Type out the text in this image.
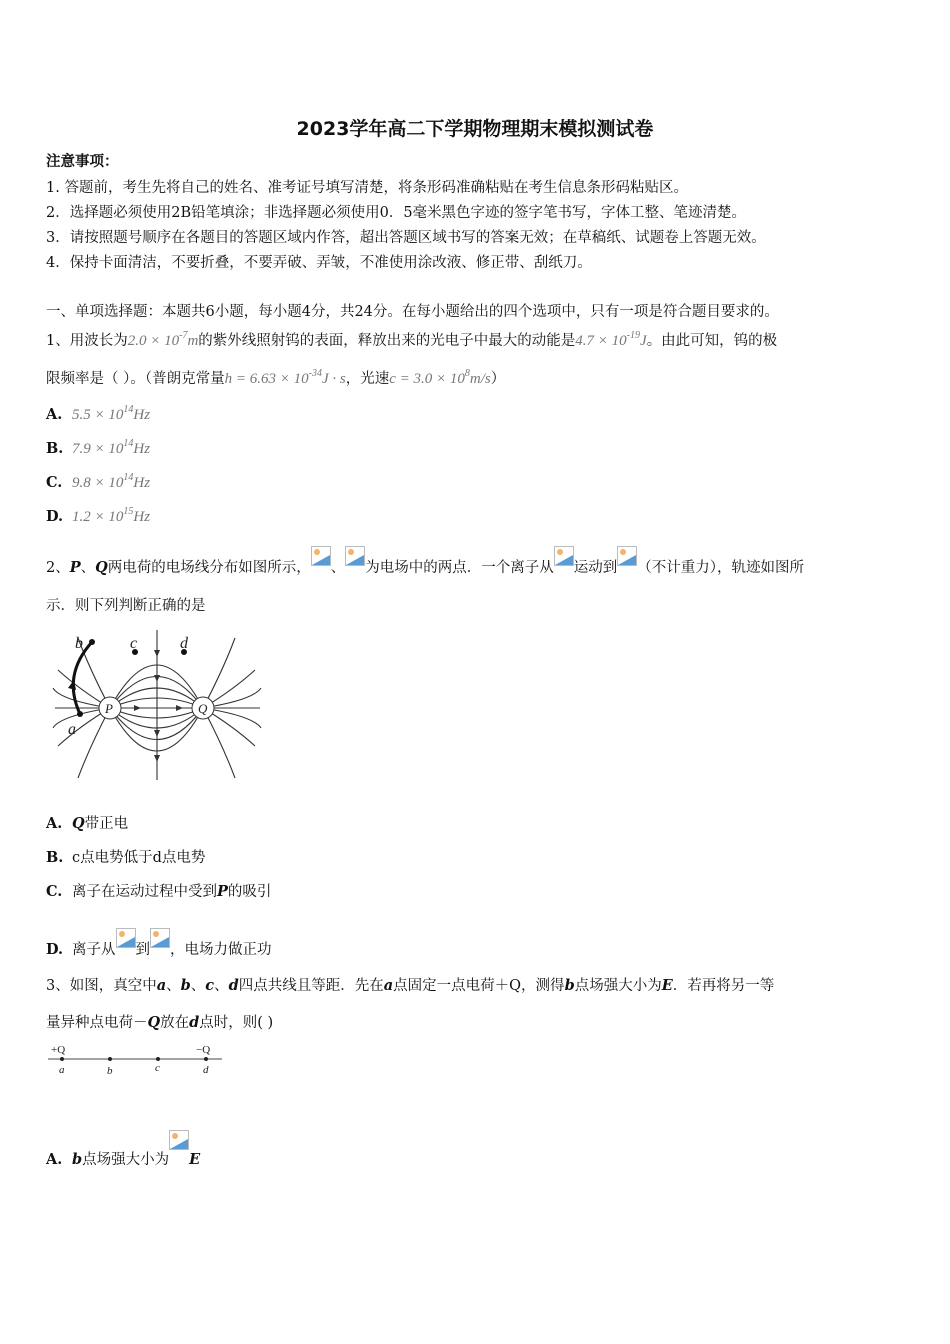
2023学年高二下学期物理期末模拟测试卷
注意事项：
1. 答题前，考生先将自己的姓名、准考证号填写清楚，将条形码准确粘贴在考生信息条形码粘贴区。
2．选择题必须使用2B铅笔填涂；非选择题必须使用0．5毫米黑色字迹的签字笔书写，字体工整、笔迹清楚。
3．请按照题号顺序在各题目的答题区域内作答，超出答题区域书写的答案无效；在草稿纸、试题卷上答题无效。
4．保持卡面清洁，不要折叠，不要弄破、弄皱，不准使用涂改液、修正带、刮纸刀。
一、单项选择题：本题共6小题，每小题4分，共24分。在每小题给出的四个选项中，只有一项是符合题目要求的。
1、用波长为$2.0 \times 10^{-7}m$的紫外线照射钨的表面，释放出来的光电子中最大的动能是$4.7 \times 10^{-19}J$。由此可知，钨的极
限频率是（ ）。（普朗克常量$h = 6.63 \times 10^{-34}J \cdot s$，光速$c = 3.0 \times 10^8m/s$）
A. $5.5 \times 10^{14}Hz$
B. $7.9 \times 10^{14}Hz$
C. $9.8 \times 10^{14}Hz$
D. $1.2 \times 10^{15}Hz$
2、P、Q两电荷的电场线分布如图所示， 、 为电场中的两点．一个离子从 运动到 （不计重力），轨迹如图所
示．则下列判断正确的是
b	c	d
a
P	Q
A. Q带正电
B. c点电势低于d点电势
C. 离子在运动过程中受到P的吸引
D. 离子从 到 ，电场力做正功
3、如图，真空中a、b、c、d四点共线且等距．先在a点固定一点电荷＋Q，测得b点场强大小为E．若再将另一等
量异种点电荷－Q放在d点时，则( )
+Q	−Q
a	b	c	d
A. b点场强大小为 E
